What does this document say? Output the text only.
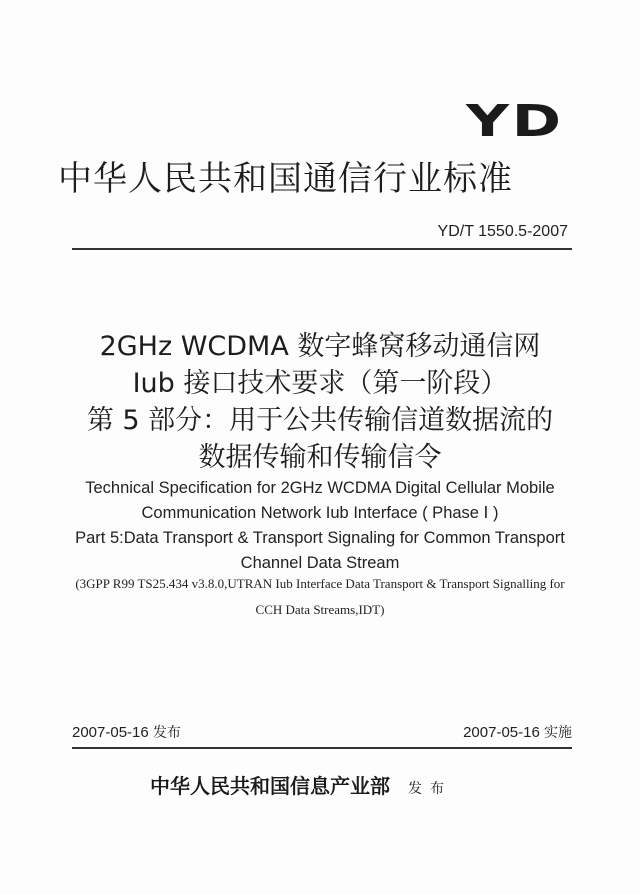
YD
中华人民共和国通信行业标准
YD/T 1550.5-2007
2GHz WCDMA 数字蜂窝移动通信网
Iub 接口技术要求（第一阶段）
第 5 部分：用于公共传输信道数据流的
数据传输和传输信令
Technical Specification for 2GHz WCDMA Digital Cellular Mobile
Communication Network Iub Interface ( Phase Ⅰ )
Part 5:Data Transport & Transport Signaling for Common Transport
Channel Data Stream
(3GPP R99 TS25.434 v3.8.0,UTRAN Iub Interface Data Transport & Transport Signalling for
CCH Data Streams,IDT)
2007-05-16 发布	2007-05-16 实施
中华人民共和国信息产业部 发布
